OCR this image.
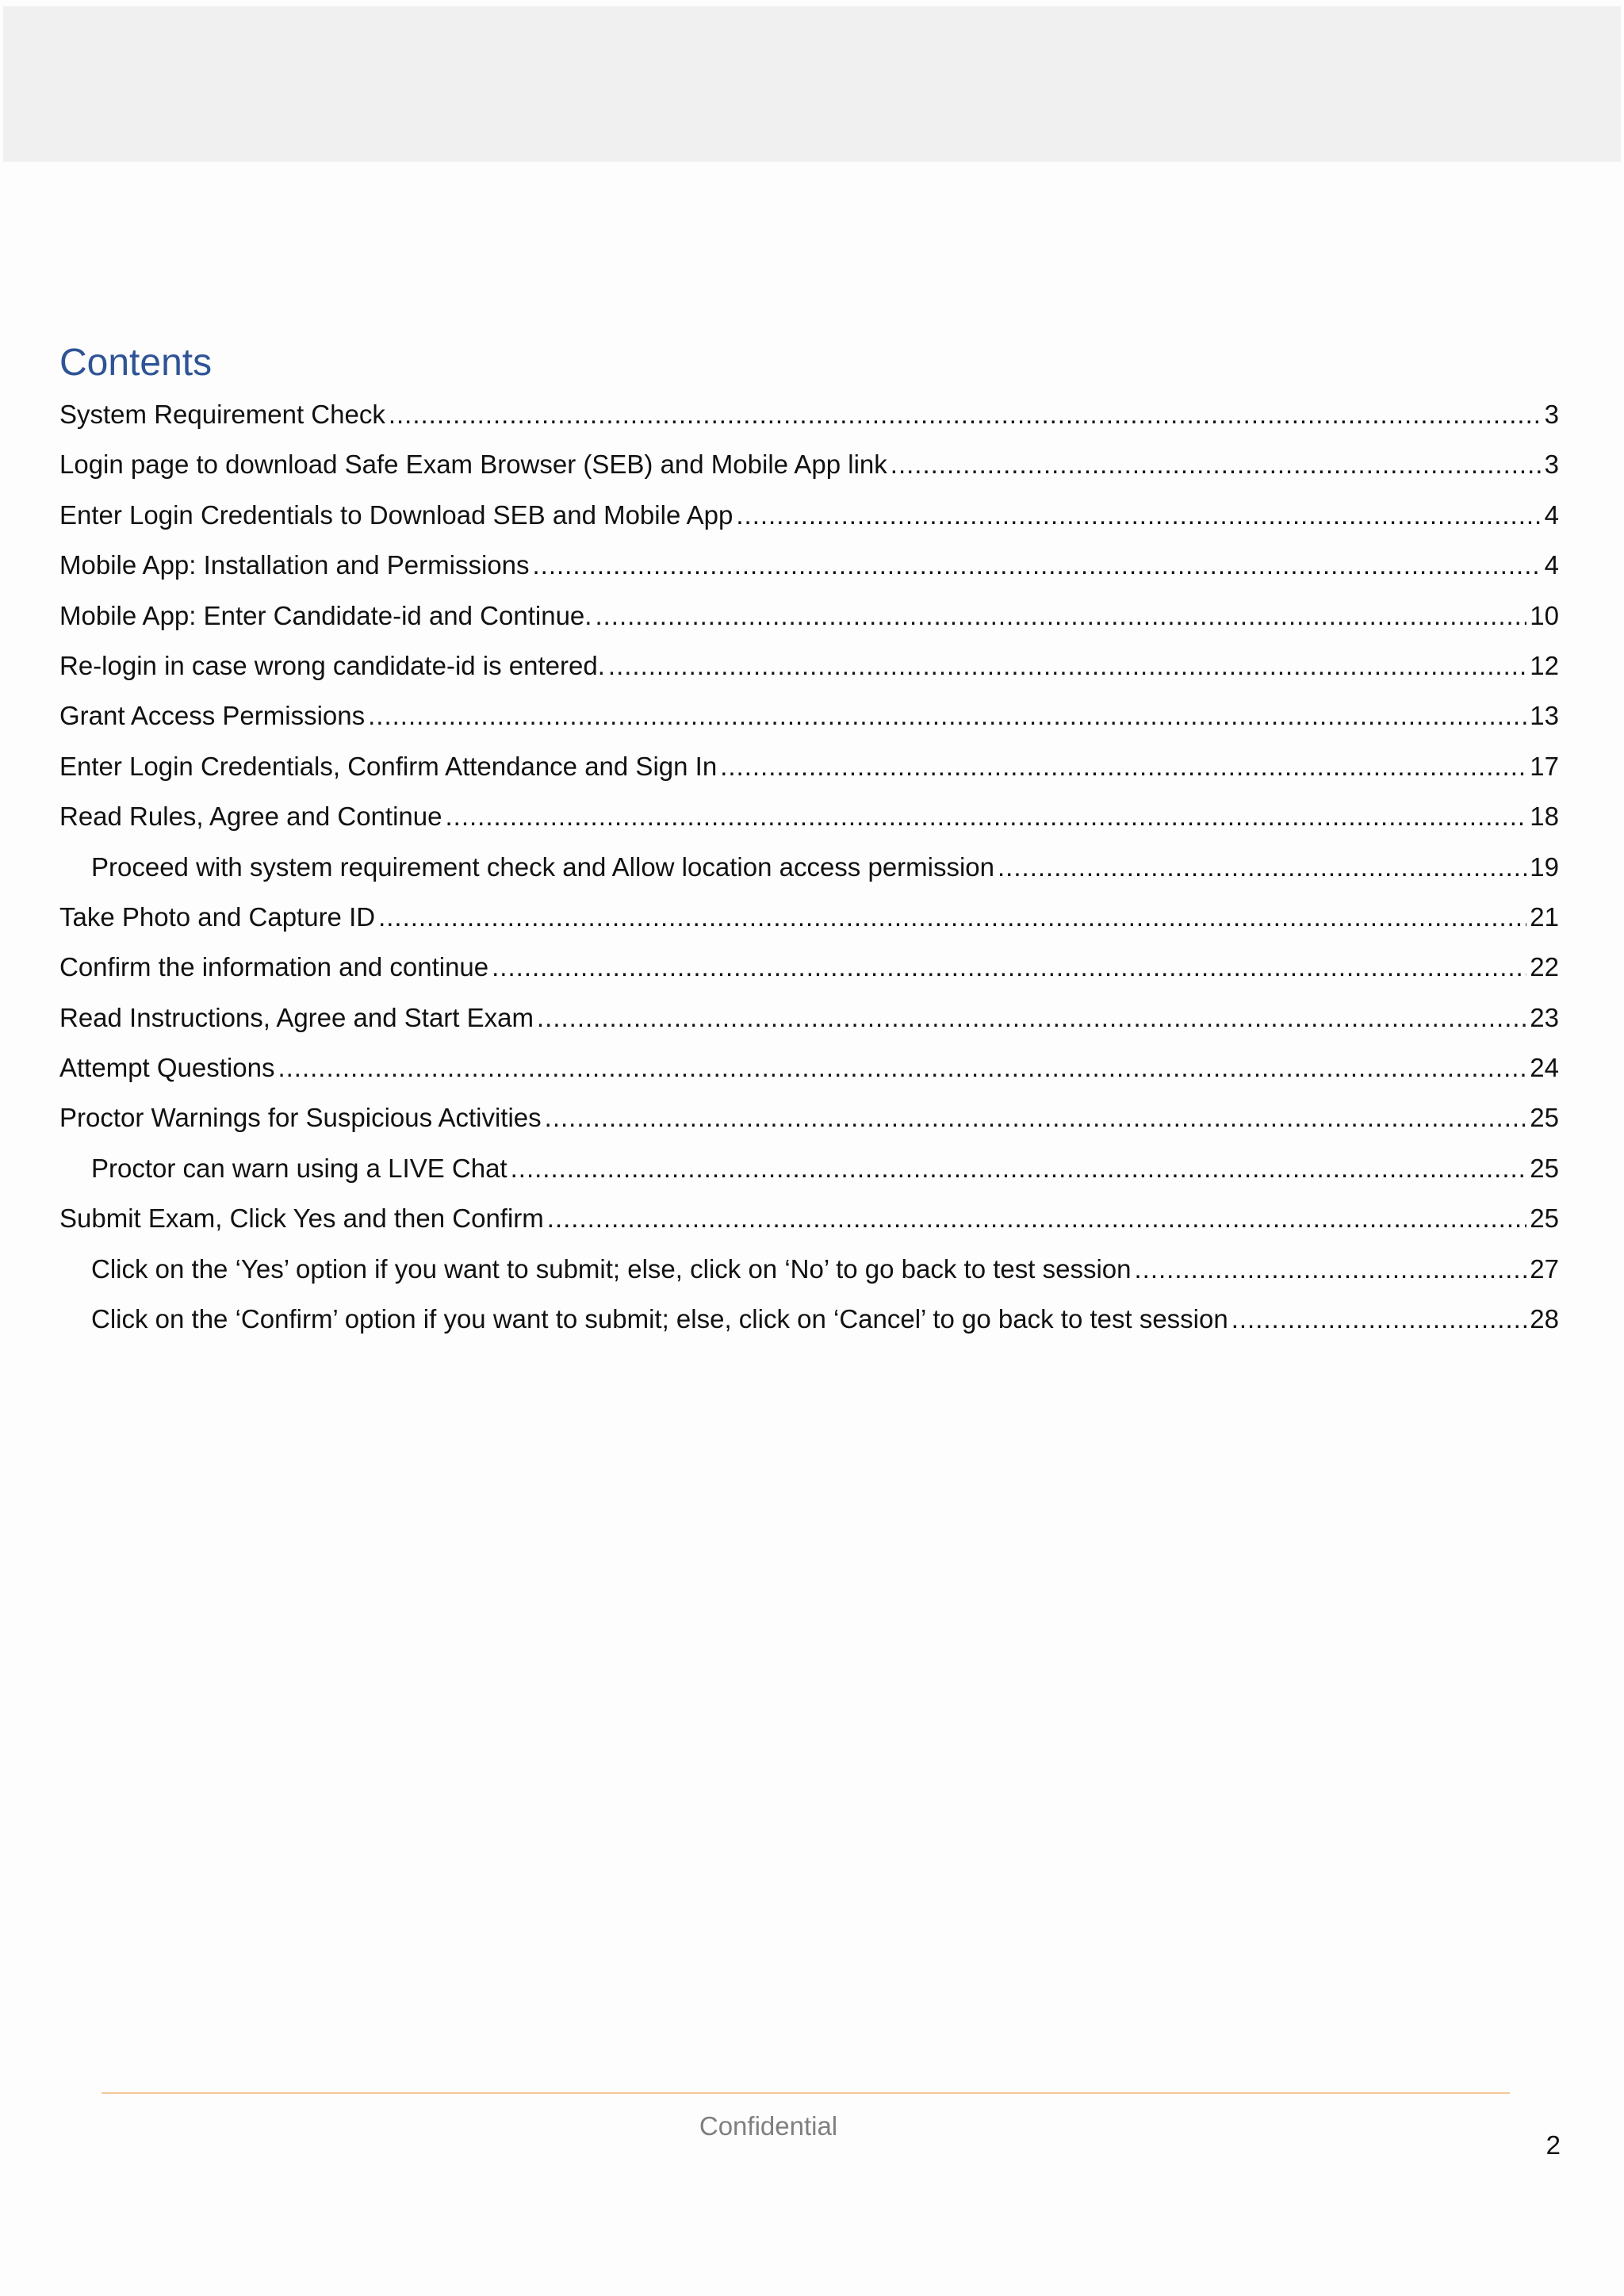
Contents
System Requirement Check .....	3
Login page to download Safe Exam Browser (SEB) and Mobile App link .....	3
Enter Login Credentials to Download SEB and Mobile App .....	4
Mobile App: Installation and Permissions .....	4
Mobile App: Enter Candidate-id and Continue. .....	10
Re-login in case wrong candidate-id is entered. .....	12
Grant Access Permissions .....	13
Enter Login Credentials, Confirm Attendance and Sign In .....	17
Read Rules, Agree and Continue .....	18
Proceed with system requirement check and Allow location access permission .....	19
Take Photo and Capture ID .....	21
Confirm the information and continue .....	22
Read Instructions, Agree and Start Exam .....	23
Attempt Questions .....	24
Proctor Warnings for Suspicious Activities .....	25
Proctor can warn using a LIVE Chat .....	25
Submit Exam, Click Yes and then Confirm .....	25
Click on the ‘Yes’ option if you want to submit; else, click on ‘No’ to go back to test session .....	27
Click on the ‘Confirm’ option if you want to submit; else, click on ‘Cancel’ to go back to test session .....	28
Confidential
2
